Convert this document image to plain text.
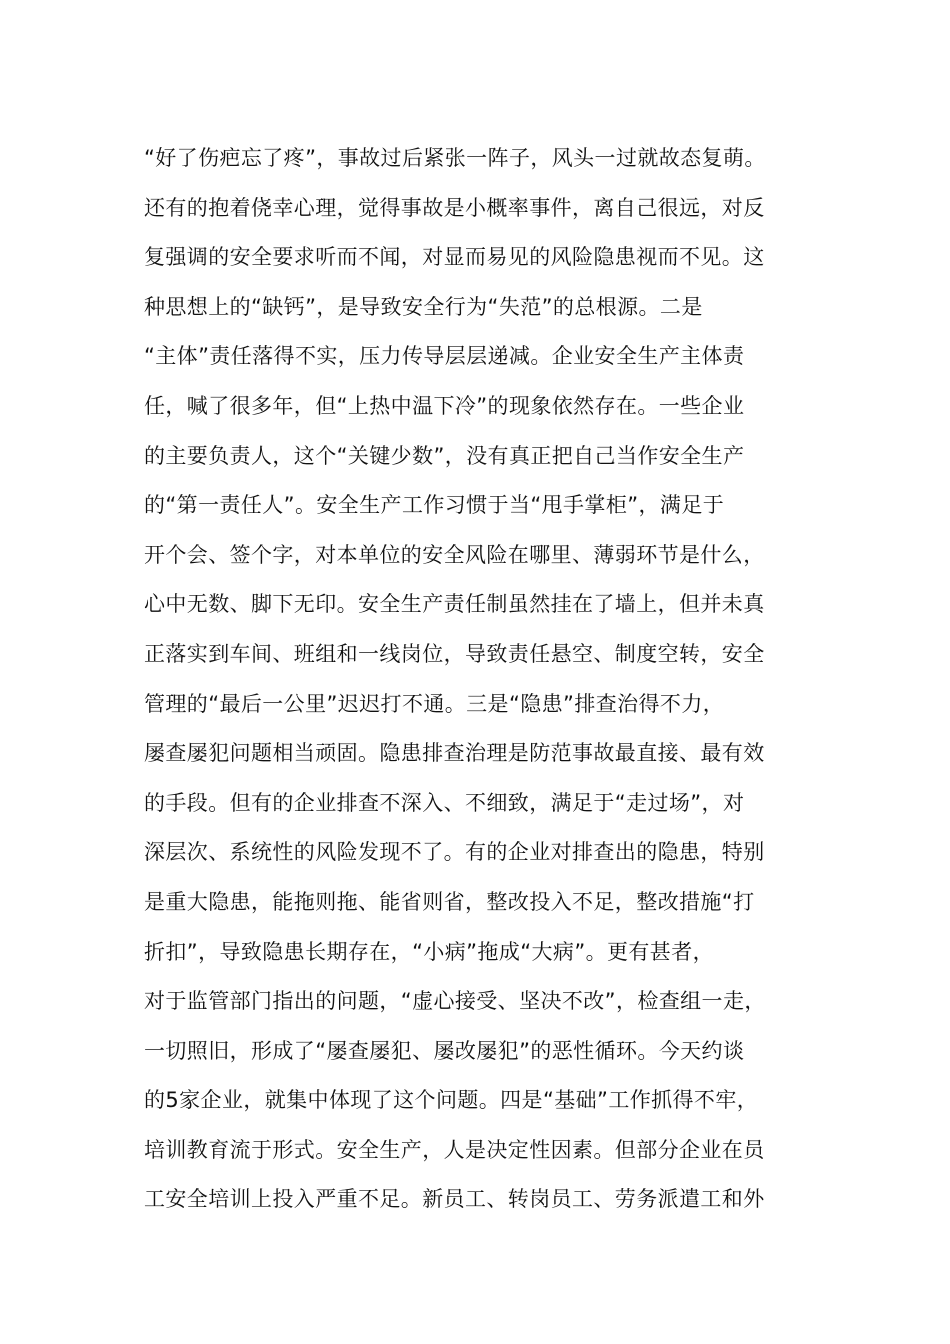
“好了伤疤忘了疼”，事故过后紧张一阵子，风头一过就故态复萌。
还有的抱着侥幸心理，觉得事故是小概率事件，离自己很远，对反
复强调的安全要求听而不闻，对显而易见的风险隐患视而不见。这
种思想上的“缺钙”，是导致安全行为“失范”的总根源。二是
“主体”责任落得不实，压力传导层层递减。企业安全生产主体责
任，喊了很多年，但“上热中温下冷”的现象依然存在。一些企业
的主要负责人，这个“关键少数”，没有真正把自己当作安全生产
的“第一责任人”。安全生产工作习惯于当“甩手掌柜”，满足于
开个会、签个字，对本单位的安全风险在哪里、薄弱环节是什么，
心中无数、脚下无印。安全生产责任制虽然挂在了墙上，但并未真
正落实到车间、班组和一线岗位，导致责任悬空、制度空转，安全
管理的“最后一公里”迟迟打不通。三是“隐患”排查治得不力，
屡查屡犯问题相当顽固。隐患排查治理是防范事故最直接、最有效
的手段。但有的企业排查不深入、不细致，满足于“走过场”，对
深层次、系统性的风险发现不了。有的企业对排查出的隐患，特别
是重大隐患，能拖则拖、能省则省，整改投入不足，整改措施“打
折扣”，导致隐患长期存在，“小病”拖成“大病”。更有甚者，
对于监管部门指出的问题，“虚心接受、坚决不改”，检查组一走，
一切照旧，形成了“屡查屡犯、屡改屡犯”的恶性循环。今天约谈
的5家企业，就集中体现了这个问题。四是“基础”工作抓得不牢，
培训教育流于形式。安全生产，人是决定性因素。但部分企业在员
工安全培训上投入严重不足。新员工、转岗员工、劳务派遣工和外
